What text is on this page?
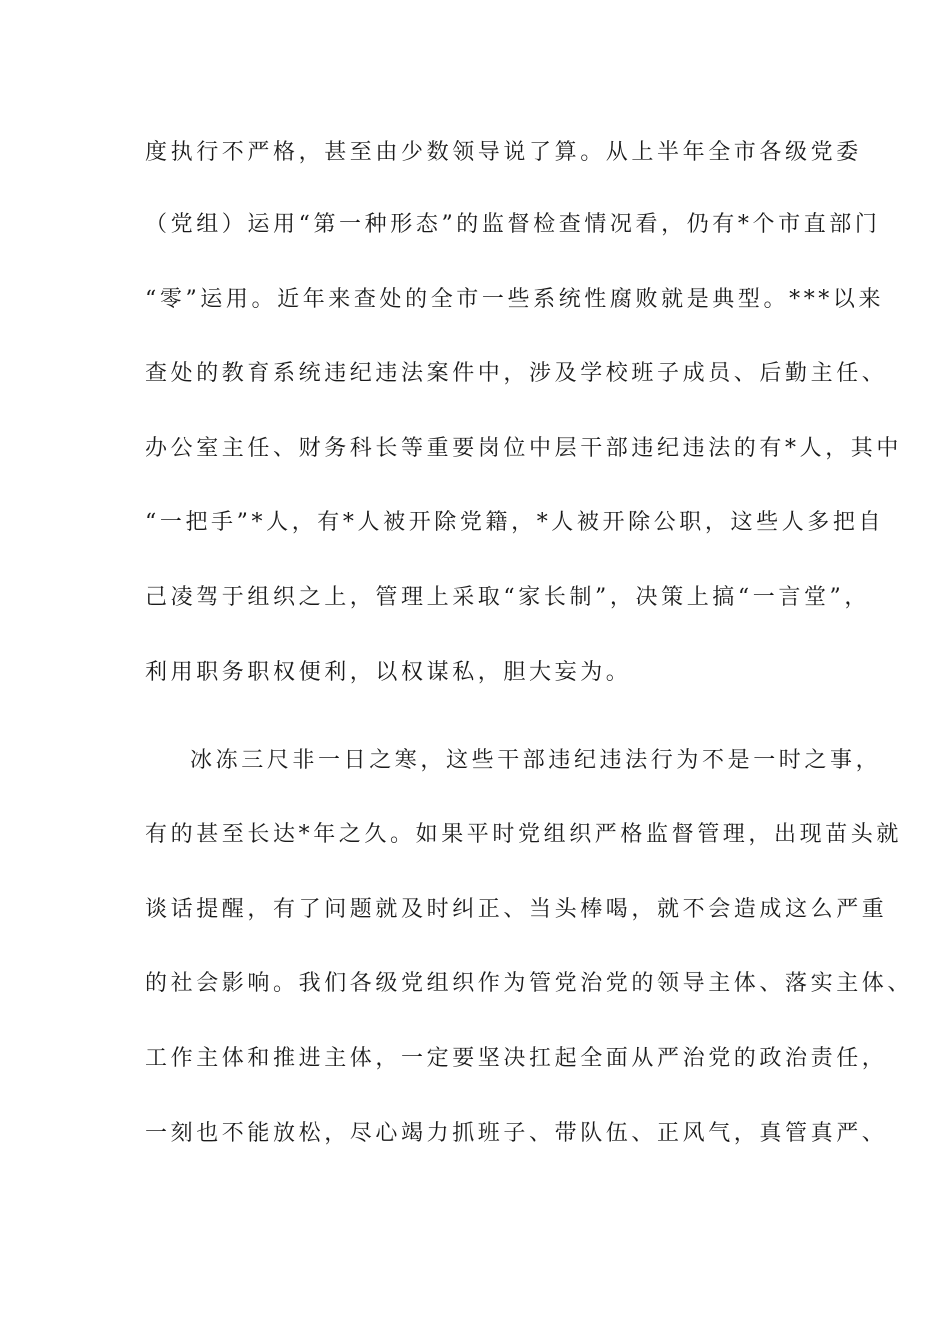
度执行不严格，甚至由少数领导说了算。从上半年全市各级党委
（党组）运用“第一种形态”的监督检查情况看，仍有*个市直部门
“零”运用。近年来查处的全市一些系统性腐败就是典型。***以来
查处的教育系统违纪违法案件中，涉及学校班子成员、后勤主任、
办公室主任、财务科长等重要岗位中层干部违纪违法的有*人，其中
“一把手”*人，有*人被开除党籍，*人被开除公职，这些人多把自
己凌驾于组织之上，管理上采取“家长制”，决策上搞“一言堂”，
利用职务职权便利，以权谋私，胆大妄为。
冰冻三尺非一日之寒，这些干部违纪违法行为不是一时之事，
有的甚至长达*年之久。如果平时党组织严格监督管理，出现苗头就
谈话提醒，有了问题就及时纠正、当头棒喝，就不会造成这么严重
的社会影响。我们各级党组织作为管党治党的领导主体、落实主体、
工作主体和推进主体，一定要坚决扛起全面从严治党的政治责任，
一刻也不能放松，尽心竭力抓班子、带队伍、正风气，真管真严、
